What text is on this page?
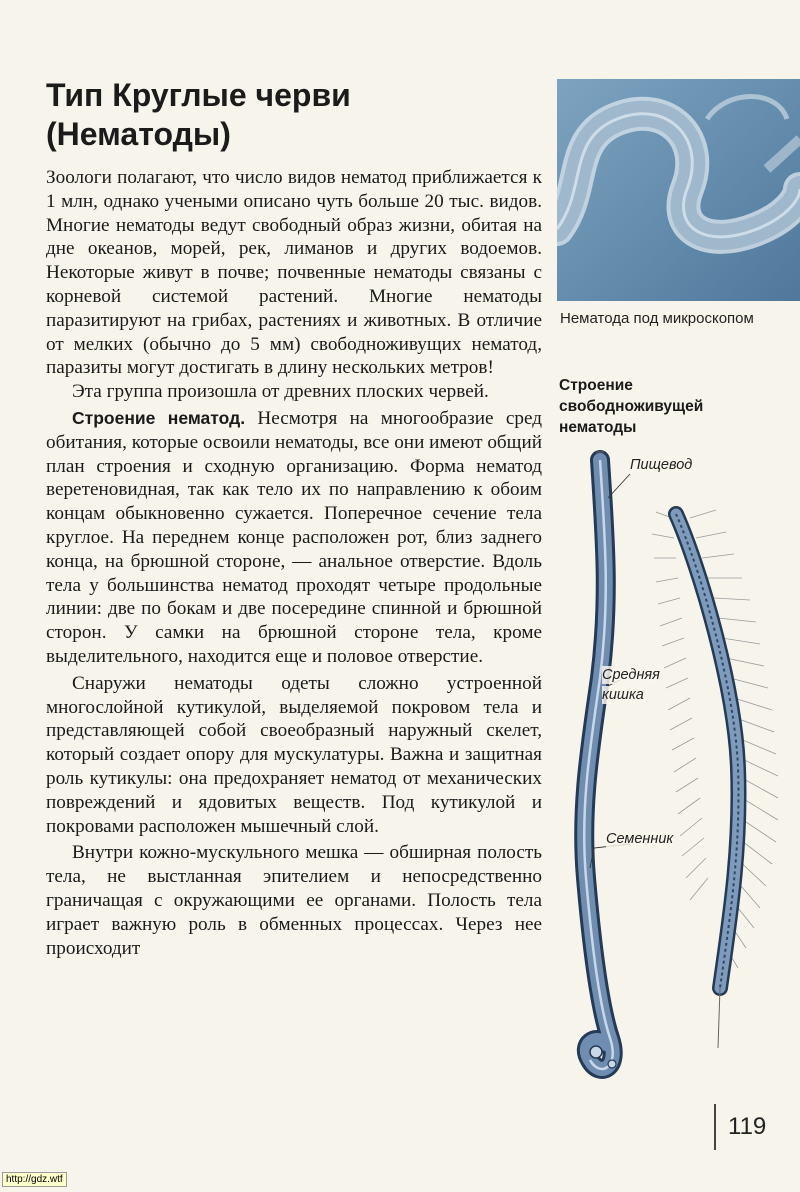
Тип Круглые черви
(Нематоды)

Зоологи полагают, что число видов нематод приближается к 1 млн, однако учеными описано чуть больше 20 тыс. видов. Многие нематоды ведут свободный образ жизни, обитая на дне океанов, морей, рек, лиманов и других водоемов. Некоторые живут в почве; почвенные нематоды связаны с корневой системой растений. Многие нематоды паразитируют на грибах, растениях и животных. В отличие от мелких (обычно до 5 мм) свободноживущих нематод, паразиты могут достигать в длину нескольких метров!

Эта группа произошла от древних плоских червей.

Строение нематод. Несмотря на многообразие сред обитания, которые освоили нематоды, все они имеют общий план строения и сходную организацию. Форма нематод веретеновидная, так как тело их по направлению к обоим концам обыкновенно сужается. Поперечное сечение тела круглое. На переднем конце расположен рот, близ заднего конца, на брюшной стороне, — анальное отверстие. Вдоль тела у большинства нематод проходят четыре продольные линии: две по бокам и две посередине спинной и брюшной сторон. У самки на брюшной стороне тела, кроме выделительного, находится еще и половое отверстие.

Снаружи нематоды одеты сложно устроенной многослойной кутикулой, выделяемой покровом тела и представляющей собой своеобразный наружный скелет, который создает опору для мускулатуры. Важна и защитная роль кутикулы: она предохраняет нематод от механических повреждений и ядовитых веществ. Под кутикулой и покровами расположен мышечный слой.

Внутри кожно-мускульного мешка — обширная полость тела, не выстланная эпителием и непосредственно граничащая с окружающими ее органами. Полость тела играет важную роль в обменных процессах. Через нее происходит

Нематода под микроскопом
Строение
свободноживущей
нематоды
Пищевод
Средняя
кишка
Семенник
119
http://gdz.wtf
